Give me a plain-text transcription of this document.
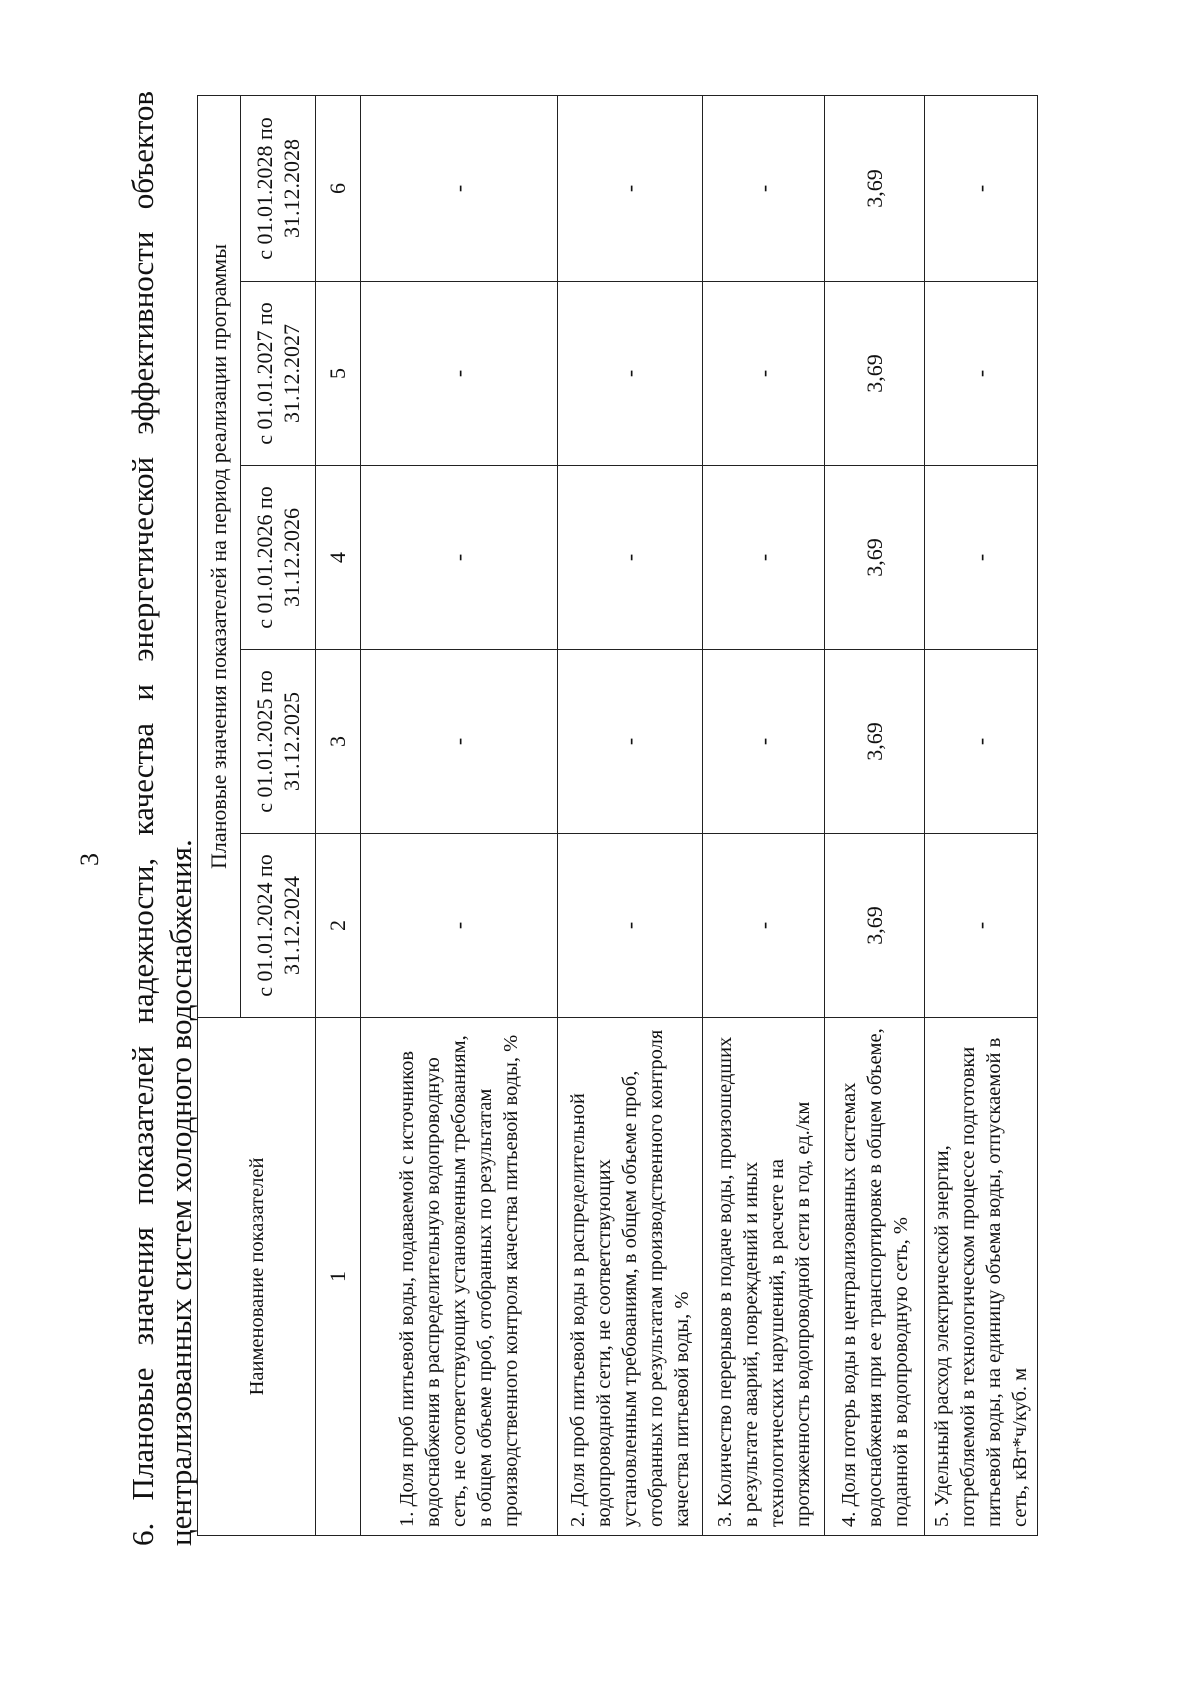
3
6.
Плановые
значения
показателей
надежности,
качества
и
энергетической
эффективности
объектов
централизованных систем холодного водоснабжения. Наименование показателей	Плановые значения показателей на период реализации программы				
	с 01.01.2024 по 31.12.2024	с 01.01.2025 по 31.12.2025	с 01.01.2026 по 31.12.2026	с 01.01.2027 по 31.12.2027	с 01.01.2028 по 31.12.2028
1	2	3	4	5	6
1. Доля проб питьевой воды, подаваемой с источников водоснабжения в распределительную водопроводную сеть, не соответствующих установленным требованиям, в общем объеме проб, отобранных по результатам производственного контроля качества питьевой воды, %	-	-	-	-	-
2. Доля проб питьевой воды в распределительной водопроводной сети, не соответствующих установленным требованиям, в общем объеме проб, отобранных по результатам производственного контроля качества питьевой воды, %	-	-	-	-	-
3. Количество перерывов в подаче воды, произошедших в результате аварий, повреждений и иных технологических нарушений, в расчете на протяженность водопроводной сети в год, ед./км	-	-	-	-	-
4. Доля потерь воды в централизованных системах водоснабжения при ее транспортировке в общем объеме, поданной в водопроводную сеть, %	3,69	3,69	3,69	3,69	3,69
5. Удельный расход электрической энергии, потребляемой в технологическом процессе подготовки питьевой воды, на единицу объема воды, отпускаемой в сеть, кВт*ч/куб. м	-	-	-	-	-
